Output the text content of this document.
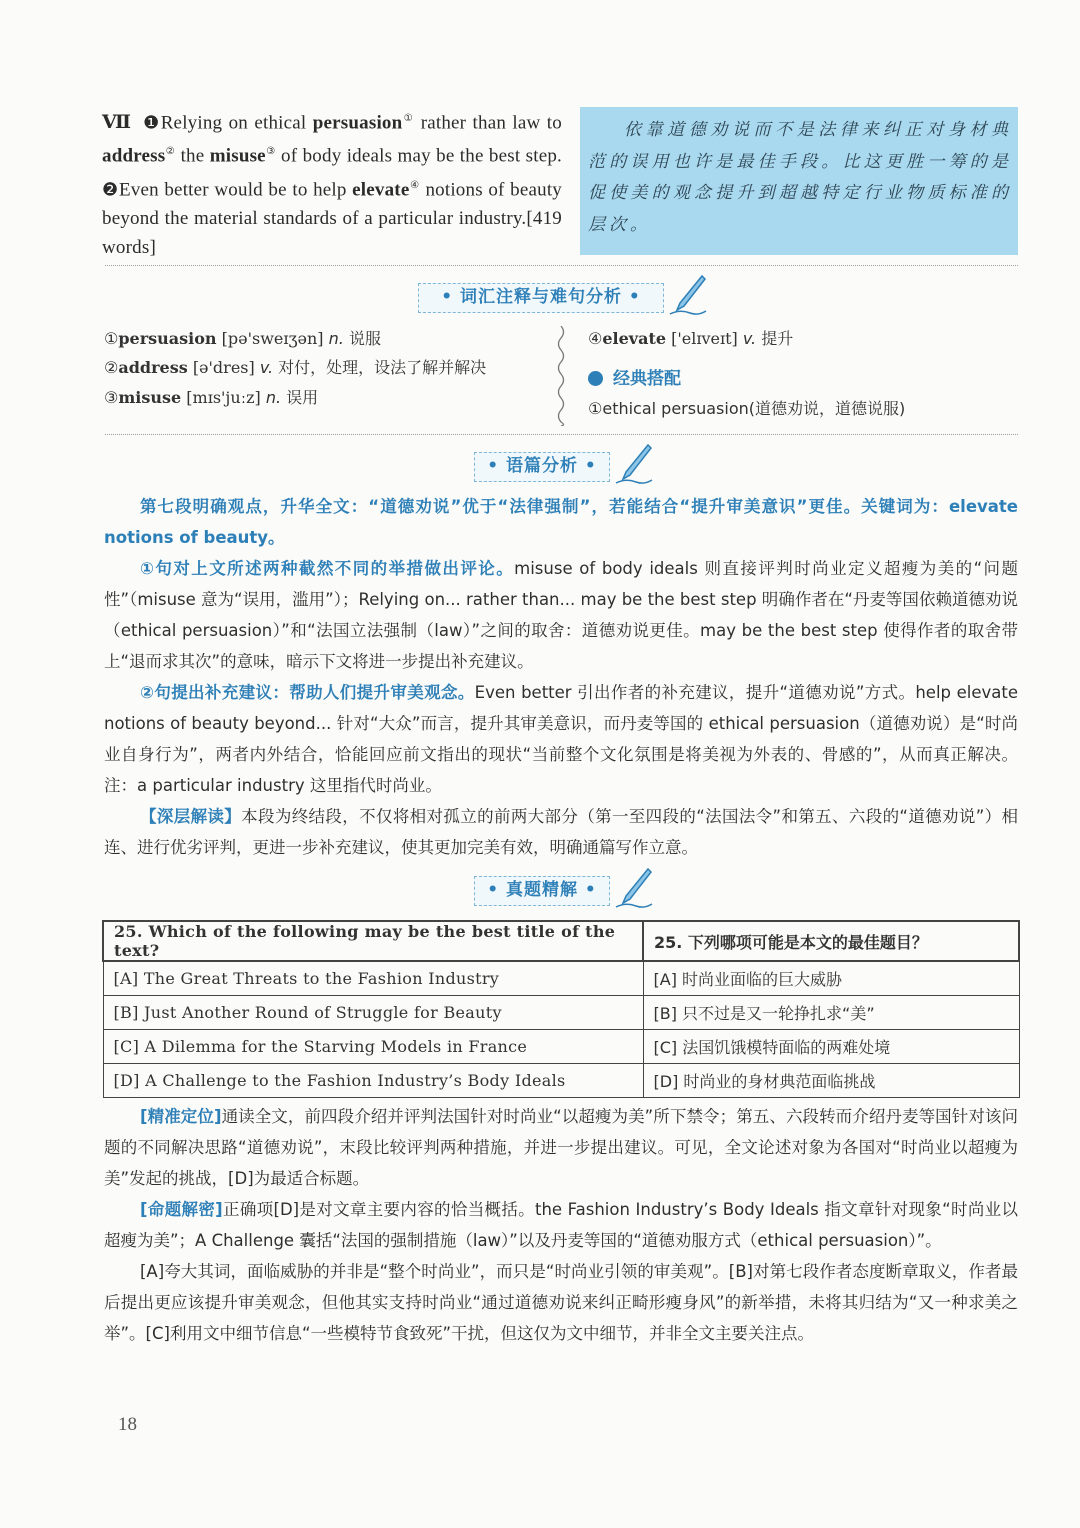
Ⅶ ❶Relying on ethical persuasion① rather than law to address② the misuse③ of body ideals may be the best step. ❷Even better would be to help elevate④ notions of beauty beyond the material standards of a particular industry.[419 words]
依靠道德劝说而不是法律来纠正对身材典范的误用也许是最佳手段。比这更胜一筹的是促使美的观念提升到超越特定行业物质标准的层次。
• 词汇注释与难句分析 •
①persuasion [pə'sweɪʒən] n. 说服
②address [ə'dres] v. 对付，处理，设法了解并解决
③misuse [mɪs'juːz] n. 误用
④elevate ['elɪveɪt] v. 提升
经典搭配
①ethical persuasion(道德劝说，道德说服)
• 语篇分析 •
第七段明确观点，升华全文：“道德劝说”优于“法律强制”，若能结合“提升审美意识”更佳。关键词为：elevate notions of beauty。
①句对上文所述两种截然不同的举措做出评论。misuse of body ideals 则直接评判时尚业定义超瘦为美的“问题性”（misuse 意为“误用，滥用”）；Relying on... rather than... may be the best step 明确作者在“丹麦等国依赖道德劝说（ethical persuasion）”和“法国立法强制（law）”之间的取舍：道德劝说更佳。may be the best step 使得作者的取舍带上“退而求其次”的意味，暗示下文将进一步提出补充建议。
②句提出补充建议：帮助人们提升审美观念。Even better 引出作者的补充建议，提升“道德劝说”方式。help elevate notions of beauty beyond... 针对“大众”而言，提升其审美意识，而丹麦等国的 ethical persuasion（道德劝说）是“时尚业自身行为”，两者内外结合，恰能回应前文指出的现状“当前整个文化氛围是将美视为外表的、骨感的”，从而真正解决。注：a particular industry 这里指代时尚业。
【深层解读】本段为终结段，不仅将相对孤立的前两大部分（第一至四段的“法国法令”和第五、六段的“道德劝说”）相连、进行优劣评判，更进一步补充建议，使其更加完美有效，明确通篇写作立意。
• 真题精解 •
25. Which of the following may be the best title of the text?	25. 下列哪项可能是本文的最佳题目？
[A] The Great Threats to the Fashion Industry	[A] 时尚业面临的巨大威胁
[B] Just Another Round of Struggle for Beauty	[B] 只不过是又一轮挣扎求“美”
[C] A Dilemma for the Starving Models in France	[C] 法国饥饿模特面临的两难处境
[D] A Challenge to the Fashion Industry’s Body Ideals	[D] 时尚业的身材典范面临挑战
[精准定位]通读全文，前四段介绍并评判法国针对时尚业“以超瘦为美”所下禁令；第五、六段转而介绍丹麦等国针对该问题的不同解决思路“道德劝说”，末段比较评判两种措施，并进一步提出建议。可见，全文论述对象为各国对“时尚业以超瘦为美”发起的挑战，[D]为最适合标题。
[命题解密]正确项[D]是对文章主要内容的恰当概括。the Fashion Industry’s Body Ideals 指文章针对现象“时尚业以超瘦为美”；A Challenge 囊括“法国的强制措施（law）”以及丹麦等国的“道德劝服方式（ethical persuasion）”。
[A]夸大其词，面临威胁的并非是“整个时尚业”，而只是“时尚业引领的审美观”。[B]对第七段作者态度断章取义，作者最后提出更应该提升审美观念，但他其实支持时尚业“通过道德劝说来纠正畸形瘦身风”的新举措，未将其归结为“又一种求美之举”。[C]利用文中细节信息“一些模特节食致死”干扰，但这仅为文中细节，并非全文主要关注点。
18
